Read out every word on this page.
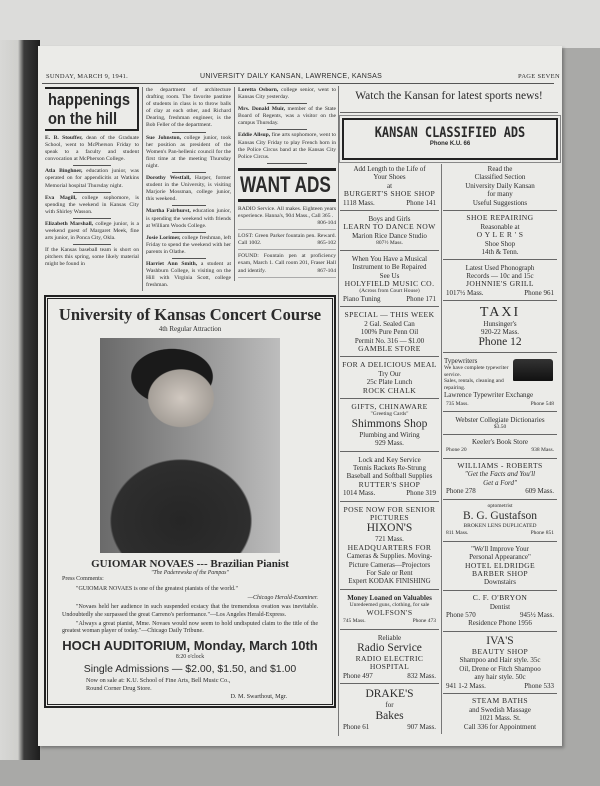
SUNDAY, MARCH 9, 1941.	UNIVERSITY DAILY KANSAN, LAWRENCE, KANSAS	PAGE SEVEN
happenings
on the hill
E. B. Stouffer, dean of the Graduate School, went to McPherson Friday to speak to a faculty and student convocation at McPherson College.
Atla Binghner, education junior, was operated on for appendicitis at Watkins Memorial hospital Thursday night.
Eva Magill, college sophomore, is spending the weekend in Kansas City with Shirley Wasson.
Elizabeth Marshall, college junior, is a weekend guest of Margaret Meek, fine arts junior, in Ponca City, Okla.
If the Kansas baseball team is short on pitchers this spring, some likely material might be found in
the department of architecture drafting room. The favorite pastime of students in class is to throw balls of clay at each other, and Richard Dearing, freshman engineer, is the Bob Feller of the department.
Sue Johnston, college junior, took her position as president of the Women's Pan-hellenic council for the first time at the meeting Thursday night.
Dorothy Westfall, Harper, former student in the University, is visiting Marjorie Mossman, college junior, this weekend.
Martha Fairhurst, education junior, is spending the weekend with friends at William Woods College.
Josie Lorimer, college freshman, left Friday to spend the weekend with her parents in Olathe.
Harriet Ann Smith, a student at Washburn College, is visiting on the Hill with Virginia Scott, college freshman.
Loretta Osborn, college senior, went to Kansas City yesterday.
Mrs. Donald Muir, member of the State Board of Regents, was a visitor on the campus Thursday.
Eddie Allsup, fine arts sophomore, went to Kansas City Friday to play French horn in the Police Circus band at the Kansas City Police Circus.
WANT ADS
RADIO Service. All makes. Eighteen years experience. Hanna's, 904 Mass., Call 365 .
806-104
LOST: Green Parker fountain pen. Reward. Call 1002.	865-102
FOUND: Fountain pen at proficiency exam, March 1. Call room 201, Fraser Hall and identify.	867-104
University of Kansas Concert Course
4th Regular Attraction
GUIOMAR NOVAES --- Brazilian Pianist
"The Paderewska of the Pampas"
Press Comments:
"GUIOMAR NOVAES is one of the greatest pianists of the world."
—Chicago Herald-Examiner.
"Novaes held her audience in such suspended ecstacy that the tremendous ovation was inevitable. Undoubtedly she surpassed the great Carreno's performance."—Los Angeles Herald-Express.
"Always a great pianist, Mme. Novaes would now seem to hold undisputed claim to the title of the greatest woman player of today."—Chicago Daily Tribune.
HOCH AUDITORIUM, Monday, March 10th
8:20 o'clock
Single Admissions — $2.00, $1.50, and $1.00
Now on sale at: K.U. School of Fine Arts, Bell Music Co.,
Round Corner Drug Store.
D. M. Swarthout, Mgr.
Watch the Kansan for latest sports news!
KANSAN CLASSIFIED ADS
Phone K.U. 66
Add Length to the Life of
Your Shoes
at
BURGERT'S SHOE SHOP
1118 Mass.	Phone 141
Boys and Girls
LEARN TO DANCE NOW
Marion Rice Dance Studio
807½ Mass.
When You Have a Musical
Instrument to Be Repaired
See Us
HOLYFIELD MUSIC CO.
(Across from Court House)
Piano Tuning	Phone 171
SPECIAL — THIS WEEK
2 Gal. Sealed Can
100% Pure Penn Oil
Permit No. 316 — $1.00
GAMBLE STORE
FOR A DELICIOUS MEAL
Try Our
25c Plate Lunch
ROCK CHALK
GIFTS, CHINAWARE
"Greeting Cards"
Shimmons Shop
Plumbing and Wiring
929 Mass.
Lock and Key Service
Tennis Rackets Re-Strung
Baseball and Softball Supplies
RUTTER'S SHOP
1014 Mass.	Phone 319
POSE NOW FOR SENIOR
PICTURES
HIXON'S
721 Mass.
HEADQUARTERS FOR
Cameras & Supplies. Moving-
Picture Cameras—Projectors
For Sale or Rent
Expert KODAK FINISHING
Money Loaned on Valuables
Unredeemed guns, clothing, for sale
WOLFSON'S
745 Mass.	Phone 473
Reliable
Radio Service
RADIO ELECTRIC
HOSPITAL
Phone 497	832 Mass.
DRAKE'S
for
Bakes
Phone 61	907 Mass.
Read the
Classified Section
University Daily Kansan
for many
Useful Suggestions
SHOE REPAIRING
Reasonable at
O Y L E R ' S
Shoe Shop
14th & Tenn.
Latest Used Phonograph
Records — 10c and 15c
JOHNNIE'S GRILL
1017½ Mass.	Phone 961
TAXI
Hunsinger's
920-22 Mass.
Phone 12
Typewriters
We have complete typewriter service.
Sales, rentals, cleaning and repairing.
Lawrence Typewriter Exchange
735 Mass.	Phone 548
Webster Collegiate Dictionaries
$3.50
Keeler's Book Store
Phone 20	938 Mass.
WILLIAMS - ROBERTS
"Get the Facts and You'll
Get a Ford"
Phone 278	609 Mass.
optometrist
B. G. Gustafson
BROKEN LENS DUPLICATED
811 Mass.	Phone 851
"We'll Improve Your
Personal Appearance"
HOTEL ELDRIDGE
BARBER SHOP
Downstairs
C. F. O'BRYON
Dentist
Phone 570	945½ Mass.
Residence Phone 1956
IVA'S
BEAUTY SHOP
Shampoo and Hair style. 35c
Oil, Drene or Fitch Shampoo
any hair style. 50c
941 1-2 Mass.	Phone 533
STEAM BATHS
and Swedish Massage
1021 Mass. St.
Call 336 for Appointment
